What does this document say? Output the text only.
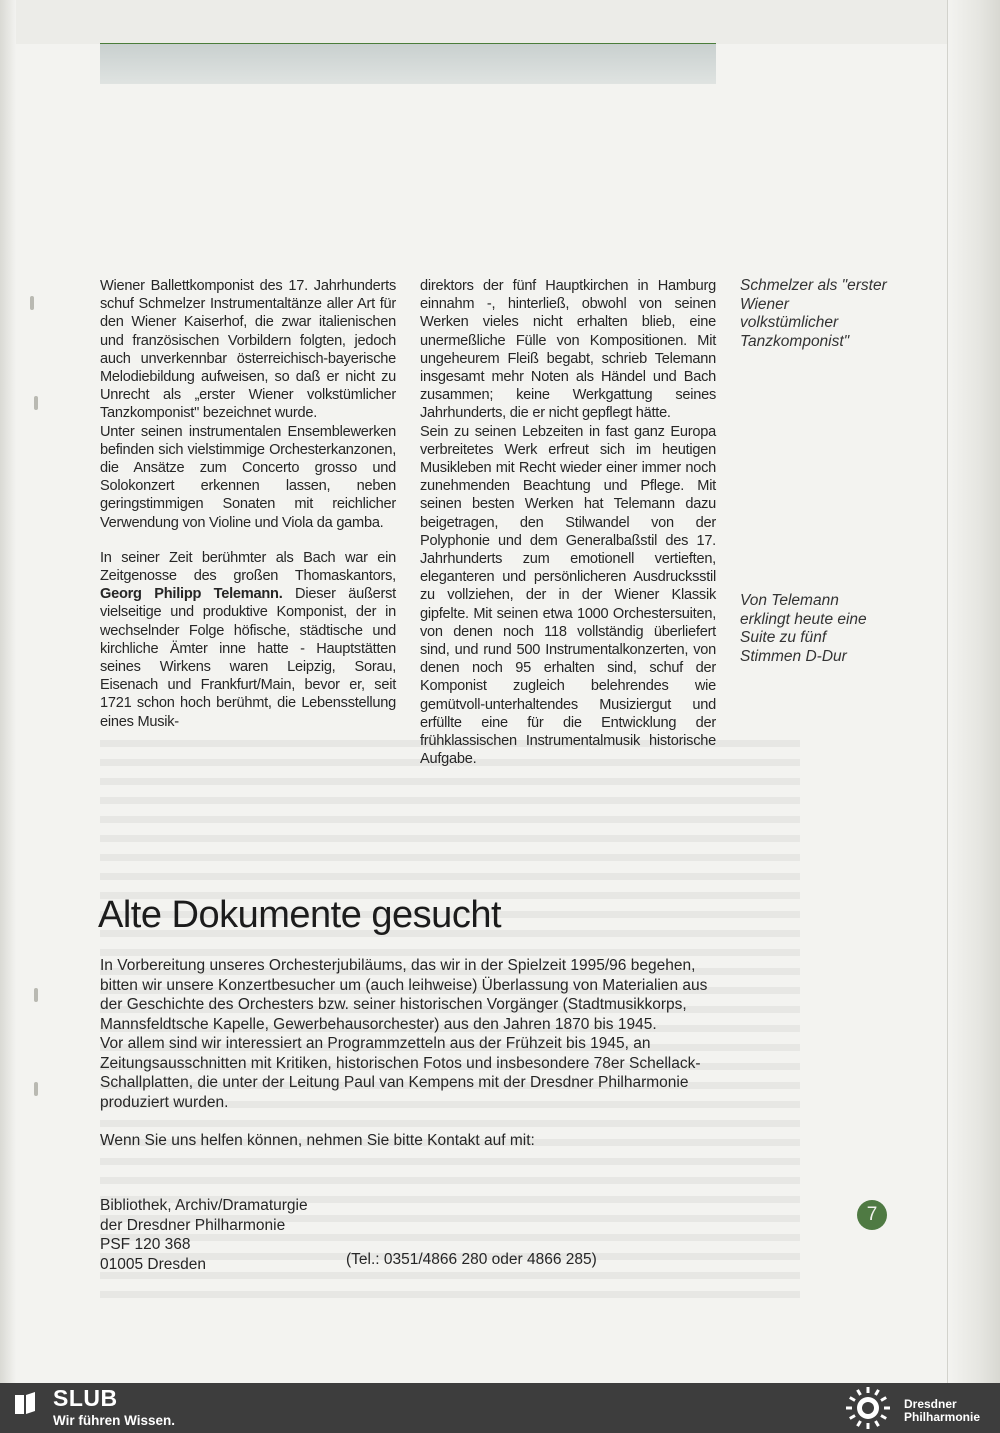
Wiener Ballettkomponist des 17. Jahrhunderts schuf Schmelzer Instrumentaltänze aller Art für den Wiener Kaiserhof, die zwar italienischen und französischen Vorbildern folgten, jedoch auch unverkennbar österreichisch-bayerische Melodiebildung aufweisen, so daß er nicht zu Unrecht als „erster Wiener volkstümlicher Tanzkomponist" bezeichnet wurde.

Unter seinen instrumentalen Ensemblewerken befinden sich vielstimmige Orchesterkanzonen, die Ansätze zum Concerto grosso und Solokonzert erkennen lassen, neben geringstimmigen Sonaten mit reichlicher Verwendung von Violine und Viola da gamba.

In seiner Zeit berühmter als Bach war ein Zeitgenosse des großen Thomaskantors, Georg Philipp Telemann. Dieser äußerst vielseitige und produktive Komponist, der in wechselnder Folge höfische, städtische und kirchliche Ämter inne hatte - Hauptstätten seines Wirkens waren Leipzig, Sorau, Eisenach und Frankfurt/Main, bevor er, seit 1721 schon hoch berühmt, die Lebensstellung eines Musik-

direktors der fünf Hauptkirchen in Hamburg einnahm -, hinterließ, obwohl von seinen Werken vieles nicht erhalten blieb, eine unermeßliche Fülle von Kompositionen. Mit ungeheurem Fleiß begabt, schrieb Telemann insgesamt mehr Noten als Händel und Bach zusammen; keine Werkgattung seines Jahrhunderts, die er nicht gepflegt hätte.

Sein zu seinen Lebzeiten in fast ganz Europa verbreitetes Werk erfreut sich im heutigen Musikleben mit Recht wieder einer immer noch zunehmenden Beachtung und Pflege. Mit seinen besten Werken hat Telemann dazu beigetragen, den Stilwandel von der Polyphonie und dem Generalbaßstil des 17. Jahrhunderts zum emotionell vertieften, eleganteren und persönlicheren Ausdrucksstil zu vollziehen, der in der Wiener Klassik gipfelte. Mit seinen etwa 1000 Orchestersuiten, von denen noch 118 vollständig überliefert sind, und rund 500 Instrumentalkonzerten, von denen noch 95 erhalten sind, schuf der Komponist zugleich belehrendes wie gemütvoll-unterhaltendes Musiziergut und erfüllte eine für die Entwicklung der frühklassischen Instrumentalmusik historische Aufgabe.

Schmelzer als "erster Wiener volkstümlicher Tanzkomponist"
Von Telemann erklingt heute eine Suite zu fünf Stimmen D-Dur
Alte Dokumente gesucht

In Vorbereitung unseres Orchesterjubiläums, das wir in der Spielzeit 1995/96 begehen, bitten wir unsere Konzertbesucher um (auch leihweise) Überlassung von Materialien aus der Geschichte des Orchesters bzw. seiner historischen Vorgänger (Stadtmusikkorps, Mannsfeldtsche Kapelle, Gewerbehausorchester) aus den Jahren 1870 bis 1945.

Vor allem sind wir interessiert an Programmzetteln aus der Frühzeit bis 1945, an Zeitungsausschnitten mit Kritiken, historischen Fotos und insbesondere 78er Schellack-Schallplatten, die unter der Leitung Paul van Kempens mit der Dresdner Philharmonie produziert wurden.

Wenn Sie uns helfen können, nehmen Sie bitte Kontakt auf mit:

Bibliothek, Archiv/Dramaturgie
der Dresdner Philharmonie
PSF 120 368
01005 Dresden	(Tel.: 0351/4866 280 oder 4866 285)
7
SLUB
Wir führen Wissen.
Dresdner
Philharmonie
